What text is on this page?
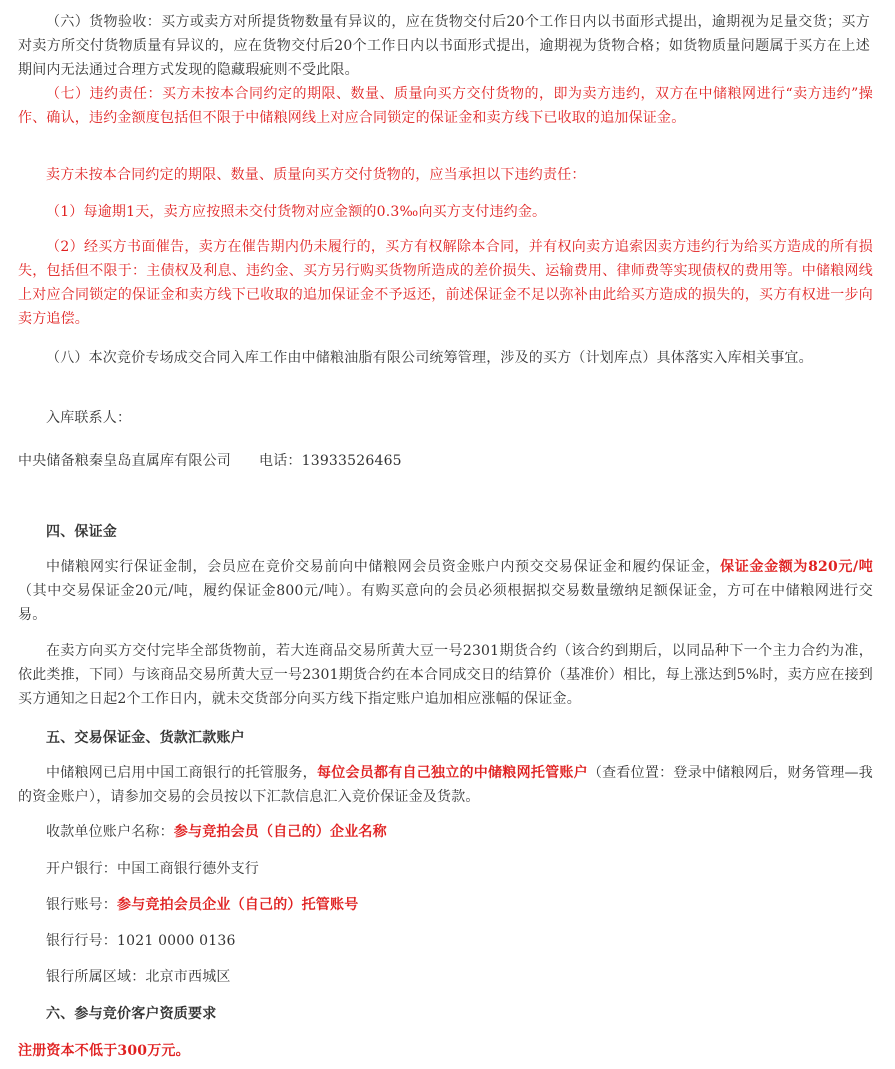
（六）货物验收：买方或卖方对所提货物数量有异议的，应在货物交付后20个工作日内以书面形式提出，逾期视为足量交货；买方对卖方所交付货物质量有异议的，应在货物交付后20个工作日内以书面形式提出，逾期视为货物合格；如货物质量问题属于买方在上述期间内无法通过合理方式发现的隐藏瑕疵则不受此限。

（七）违约责任：买方未按本合同约定的期限、数量、质量向买方交付货物的，即为卖方违约，双方在中储粮网进行“卖方违约”操作、确认，违约金额度包括但不限于中储粮网线上对应合同锁定的保证金和卖方线下已收取的追加保证金。

卖方未按本合同约定的期限、数量、质量向买方交付货物的，应当承担以下违约责任：

（1）每逾期1天，卖方应按照未交付货物对应金额的0.3‰向买方支付违约金。

（2）经买方书面催告，卖方在催告期内仍未履行的，买方有权解除本合同，并有权向卖方追索因卖方违约行为给买方造成的所有损失，包括但不限于：主债权及利息、违约金、买方另行购买货物所造成的差价损失、运输费用、律师费等实现债权的费用等。中储粮网线上对应合同锁定的保证金和卖方线下已收取的追加保证金不予返还，前述保证金不足以弥补由此给买方造成的损失的，买方有权进一步向卖方追偿。

（八）本次竞价专场成交合同入库工作由中储粮油脂有限公司统筹管理，涉及的买方（计划库点）具体落实入库相关事宜。

入库联系人：

中央储备粮秦皇岛直属库有限公司 电话：13933526465

四、保证金

中储粮网实行保证金制，会员应在竞价交易前向中储粮网会员资金账户内预交交易保证金和履约保证金，保证金金额为820元/吨（其中交易保证金20元/吨，履约保证金800元/吨）。有购买意向的会员必须根据拟交易数量缴纳足额保证金，方可在中储粮网进行交易。

在卖方向买方交付完毕全部货物前，若大连商品交易所黄大豆一号2301期货合约（该合约到期后，以同品种下一个主力合约为准，依此类推，下同）与该商品交易所黄大豆一号2301期货合约在本合同成交日的结算价（基准价）相比，每上涨达到5%时，卖方应在接到买方通知之日起2个工作日内，就未交货部分向买方线下指定账户追加相应涨幅的保证金。

五、交易保证金、货款汇款账户

中储粮网已启用中国工商银行的托管服务，每位会员都有自己独立的中储粮网托管账户（查看位置：登录中储粮网后，财务管理—我的资金账户），请参加交易的会员按以下汇款信息汇入竞价保证金及货款。

收款单位账户名称：参与竞拍会员（自己的）企业名称

开户银行：中国工商银行德外支行

银行账号：参与竞拍会员企业（自己的）托管账号

银行行号：1021 0000 0136

银行所属区域：北京市西城区

六、参与竞价客户资质要求

注册资本不低于300万元。
